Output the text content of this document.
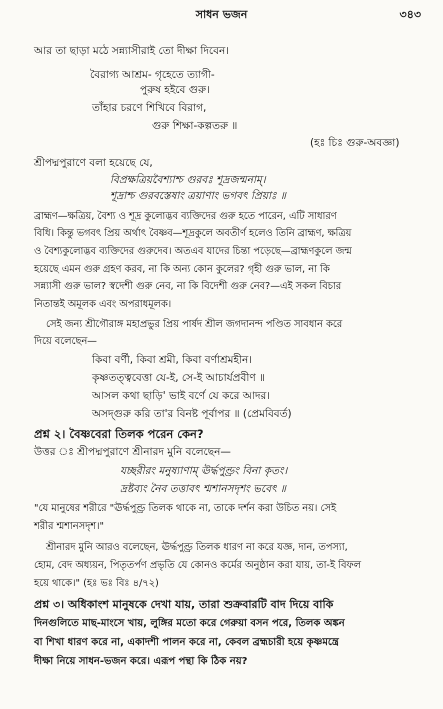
সাধন ভজন	৩৪৩
আর তা ছাড়া মঠে সন্ন্যাসীরাই তো দীক্ষা দিবেন।
বৈরাগ্য আশ্রম- গৃহেতে ত্যাগী-
পুরুষ হইবে গুরু।
তাঁহার চরণে শিখিবে বিরাগ,
গুরু শিক্ষা-কল্পতরু ॥
(হঃ চিঃ গুরু-অবজ্ঞা)
শ্রীপদ্মপুরাণে বলা হয়েছে যে,
বিপ্রক্ষত্রিয়বৈশ্যাশ্চ গুরবঃ শূদ্রজন্মনাম্।
শূদ্রাশ্চ গুরবস্তেষাং ত্রয়াণাং ভগবৎ প্রিয়াঃ ॥
ব্রাহ্মণ—ক্ষত্রিয়, বৈশ্য ও শূদ্র কুলোদ্ভব ব্যক্তিদের গুরু হতে পারেন, এটি সাধারণ
বিধি। কিন্তু ভগবৎ প্রিয় অর্থাৎ বৈষ্ণব—শূদ্রকুলে অবতীর্ণ হলেও তিনি ব্রাহ্মণ, ক্ষত্রিয়
ও বৈশ্যকুলোদ্ভব ব্যক্তিদের গুরুদেব। অতএব যাদের চিন্তা পড়েছে—ব্রাহ্মণকুলে জন্ম
হয়েছে এমন গুরু গ্রহণ করব, না কি অন্য কোন কুলের? গৃহী গুরু ভাল, না কি
সন্ন্যাসী গুরু ভাল? স্বদেশী গুরু নেব, না কি বিদেশী গুরু নেব?—এই সকল বিচার
নিতান্তই অমূলক এবং অপরাধমূলক।
সেই জন্য শ্রীগৌরাঙ্গ মহাপ্রভুর প্রিয় পার্ষদ শ্রীল জগদানন্দ পণ্ডিত সাবধান করে
দিয়ে বলেছেন—
কিবা বর্ণী, কিবা শ্রমী, কিবা বর্ণাশ্রমহীন।
কৃষ্ণতত্ত্ববেত্তা যে-ই, সে-ই আচার্যপ্রবীণ ॥
আসল কথা ছাড়ি' ভাই বর্ণে যে করে আদর।
অসদ্গুরু করি তা'র বিনষ্ট পূর্বাপর ॥ (প্রেমবিবর্ত)
প্রশ্ন ২। বৈষ্ণবেরা তিলক পরেন কেন?
উত্তর ঃ শ্রীপদ্মপুরাণে শ্রীনারদ মুনি বলেছেন—
যচ্ছরীরং মনুষ্যাণাম্ ঊর্দ্ধপুণ্ড্রং বিনা কৃতং।
দ্রষ্টব্যং নৈব তত্তাবৎ শ্মশানসদৃশং ভবেৎ ॥
"যে মানুষের শরীরে "ঊর্দ্ধপুণ্ড্র তিলক থাকে না, তাকে দর্শন করা উচিত নয়। সেই
শরীর শ্মশানসদৃশ।"
শ্রীনারদ মুনি আরও বলেছেন, ঊর্দ্ধপুণ্ড্র তিলক ধারণ না করে যজ্ঞ, দান, তপস্যা,
হোম, বেদ অধ্যয়ন, পিতৃতর্পণ প্রভৃতি যে কোনও কর্মের অনুষ্ঠান করা যায়, তা-ই বিফল
হয়ে থাকে।" (হঃ ভঃ বিঃ ৪/৭২)
প্রশ্ন ৩। অধিকাংশ মানুষকে দেখা যায়, তারা শুক্রবারটি বাদ দিয়ে বাকি
দিনগুলিতে মাছ-মাংসে খায়, লুঙ্গির মতো করে গেরুয়া বসন পরে, তিলক অঙ্কন
বা শিখা ধারণ করে না, একাদশী পালন করে না, কেবল ব্রহ্মচারী হয়ে কৃষ্ণমন্ত্রে
দীক্ষা নিয়ে সাধন-ভজন করে। এরূপ পন্থা কি ঠিক নয়?
